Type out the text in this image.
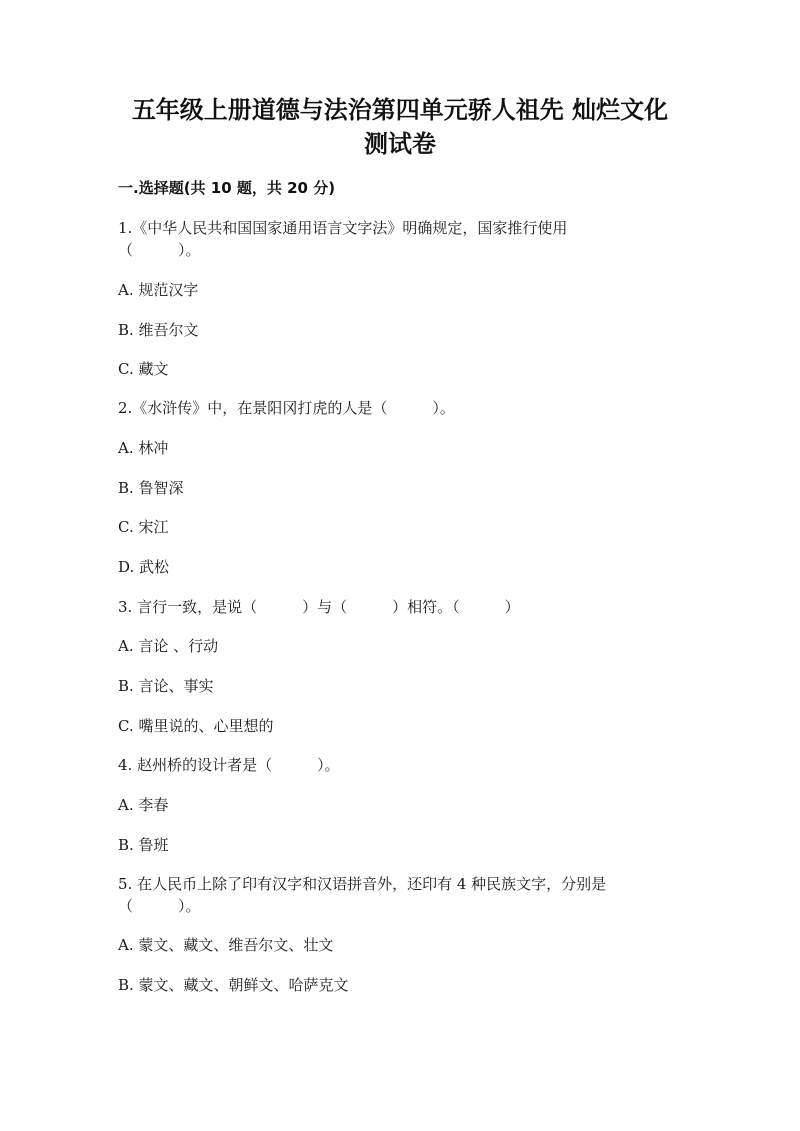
五年级上册道德与法治第四单元骄人祖先 灿烂文化
测试卷
一.选择题(共 10 题，共 20 分)
1.《中华人民共和国国家通用语言文字法》明确规定，国家推行使用
（　　　）。
A. 规范汉字
B. 维吾尔文
C. 藏文
2.《水浒传》中，在景阳冈打虎的人是（　　　）。
A. 林冲
B. 鲁智深
C. 宋江
D. 武松
3. 言行一致，是说（　　　）与（　　　）相符。（　　　）
A. 言论 、行动
B. 言论、事实
C. 嘴里说的、心里想的
4. 赵州桥的设计者是（　　　）。
A. 李春
B. 鲁班
5. 在人民币上除了印有汉字和汉语拼音外，还印有 4 种民族文字，分别是
（　　　）。
A. 蒙文、藏文、维吾尔文、壮文
B. 蒙文、藏文、朝鲜文、哈萨克文
